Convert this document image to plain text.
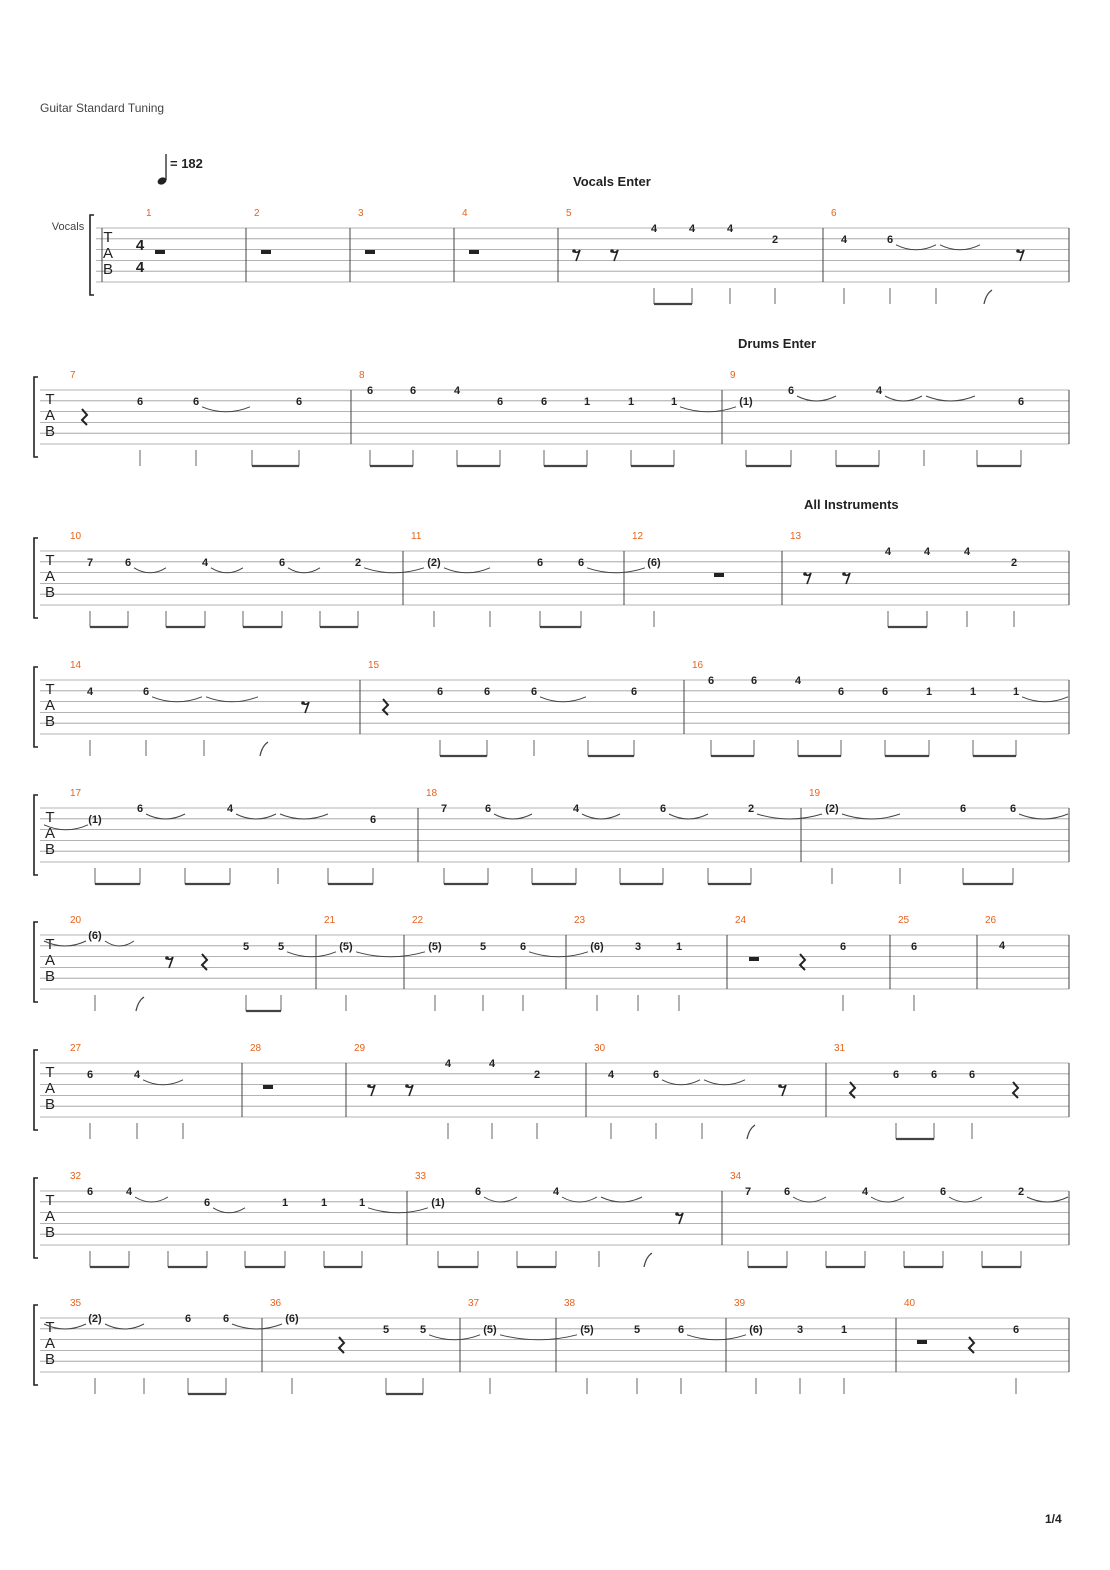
Guitar Standard Tuning
= 182
Vocals Enter
Drums Enter
All Instruments
1/4
T
A
B
4
4
Vocals
1	2	3	4	5	6
T
A
B
7	8	9
T
A
B
10	11	12	13
T
A
B
14	15	16
T
A
B
17	18	19
T
A
B
20	21	22	23	24	25	26
T
A
B
27	28	29	30	31
T
A
B
32	33	34
T
A
B
35	36	37	38	39	40
4	4	4
2	4	6
6	6	6
6	6	4
6	6	1	1	1	(1)
6	4
6
7	6	4	6	2	(2)	6	6	(6)
4	4	4
2
4	6	6	6	6	6
6	6	4
6	6	1	1	1
(1)
6	4
6
7	6	4	6	2	(2)	6	6
(6)
5	5	(5)	(5)	5	6	(6)	3	1	6	6	4
6	4
4	4
2	4	6	6	6	6
6	4
6	1	1	1	(1)
6	4	7	6	4	6	2
(2)	6	6	(6)
5	5	(5)	(5)	5	6	(6)	3	1	6
